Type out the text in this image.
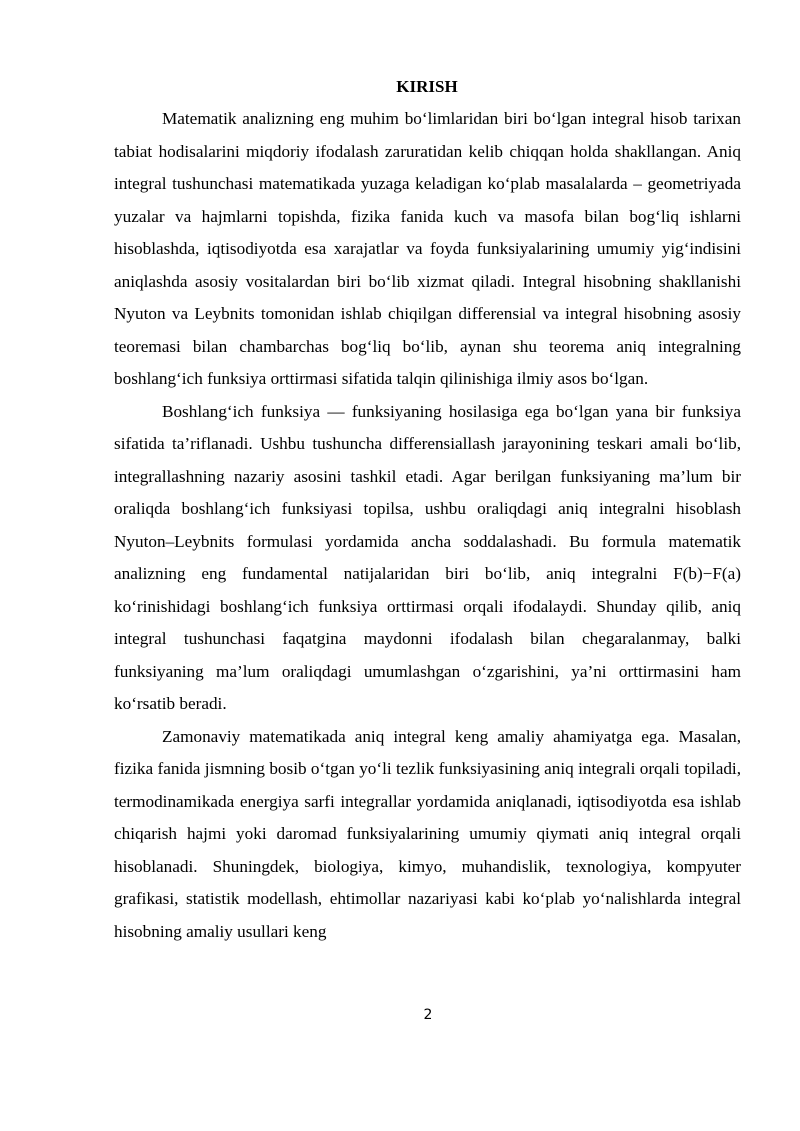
KIRISH

Matematik analizning eng muhim bo‘limlaridan biri bo‘lgan integral hisob tarixan tabiat hodisalarini miqdoriy ifodalash zaruratidan kelib chiqqan holda shakllangan. Aniq integral tushunchasi matematikada yuzaga keladigan ko‘plab masalalarda – geometriyada yuzalar va hajmlarni topishda, fizika fanida kuch va masofa bilan bog‘liq ishlarni hisoblashda, iqtisodiyotda esa xarajatlar va foyda funksiyalarining umumiy yig‘indisini aniqlashda asosiy vositalardan biri bo‘lib xizmat qiladi. Integral hisobning shakllanishi Nyuton va Leybnits tomonidan ishlab chiqilgan differensial va integral hisobning asosiy teoremasi bilan chambarchas bog‘liq bo‘lib, aynan shu teorema aniq integralning boshlang‘ich funksiya orttirmasi sifatida talqin qilinishiga ilmiy asos bo‘lgan.

Boshlang‘ich funksiya — funksiyaning hosilasiga ega bo‘lgan yana bir funksiya sifatida ta’riflanadi. Ushbu tushuncha differensiallash jarayonining teskari amali bo‘lib, integrallashning nazariy asosini tashkil etadi. Agar berilgan funksiyaning ma’lum bir oraliqda boshlang‘ich funksiyasi topilsa, ushbu oraliqdagi aniq integralni hisoblash Nyuton–Leybnits formulasi yordamida ancha soddalashadi. Bu formula matematik analizning eng fundamental natijalaridan biri bo‘lib, aniq integralni F(b)−F(a) ko‘rinishidagi boshlang‘ich funksiya orttirmasi orqali ifodalaydi. Shunday qilib, aniq integral tushunchasi faqatgina maydonni ifodalash bilan chegaralanmay, balki funksiyaning ma’lum oraliqdagi umumlashgan o‘zgarishini, ya’ni orttirmasini ham ko‘rsatib beradi.

Zamonaviy matematikada aniq integral keng amaliy ahamiyatga ega. Masalan, fizika fanida jismning bosib o‘tgan yo‘li tezlik funksiyasining aniq integrali orqali topiladi, termodinamikada energiya sarfi integrallar yordamida aniqlanadi, iqtisodiyotda esa ishlab chiqarish hajmi yoki daromad funksiyalarining umumiy qiymati aniq integral orqali hisoblanadi. Shuningdek, biologiya, kimyo, muhandislik, texnologiya, kompyuter grafikasi, statistik modellash, ehtimollar nazariyasi kabi ko‘plab yo‘nalishlarda integral hisobning amaliy usullari keng

2
